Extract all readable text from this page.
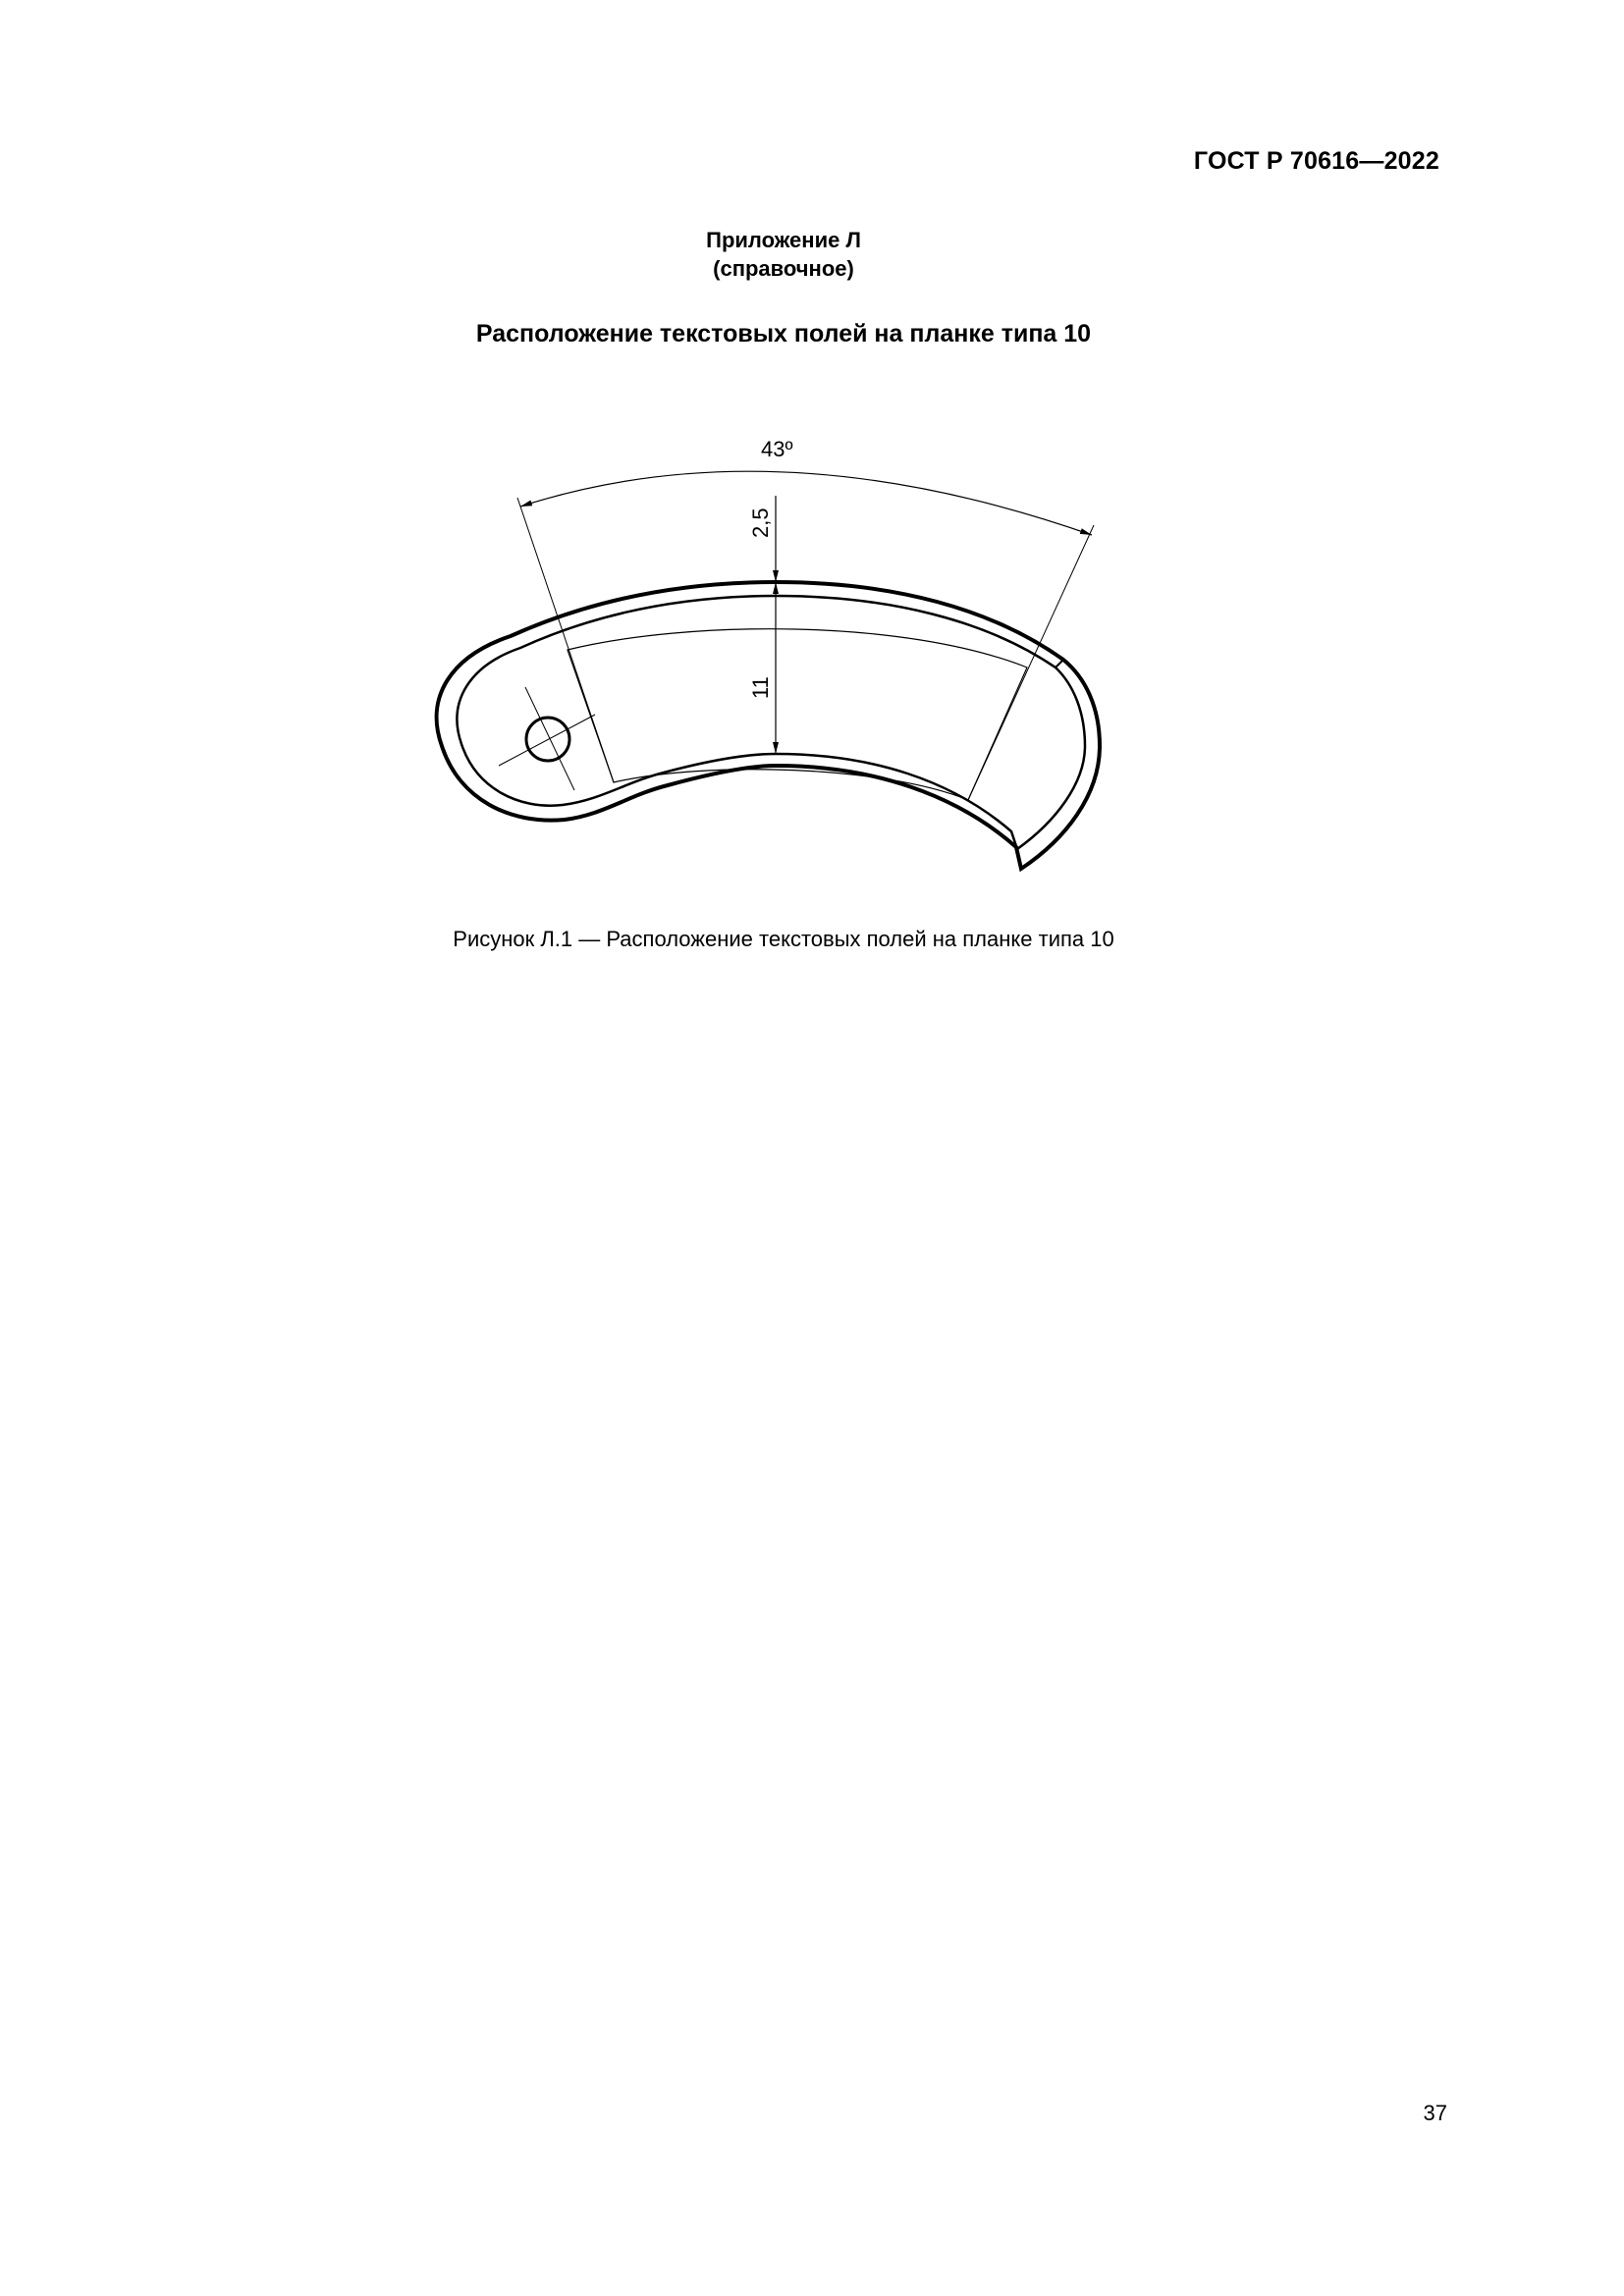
ГОСТ Р 70616—2022
Приложение Л
(справочное)
Расположение текстовых полей на планке типа 10
43º
2,5
11
Рисунок Л.1 — Расположение текстовых полей на планке типа 10
37
